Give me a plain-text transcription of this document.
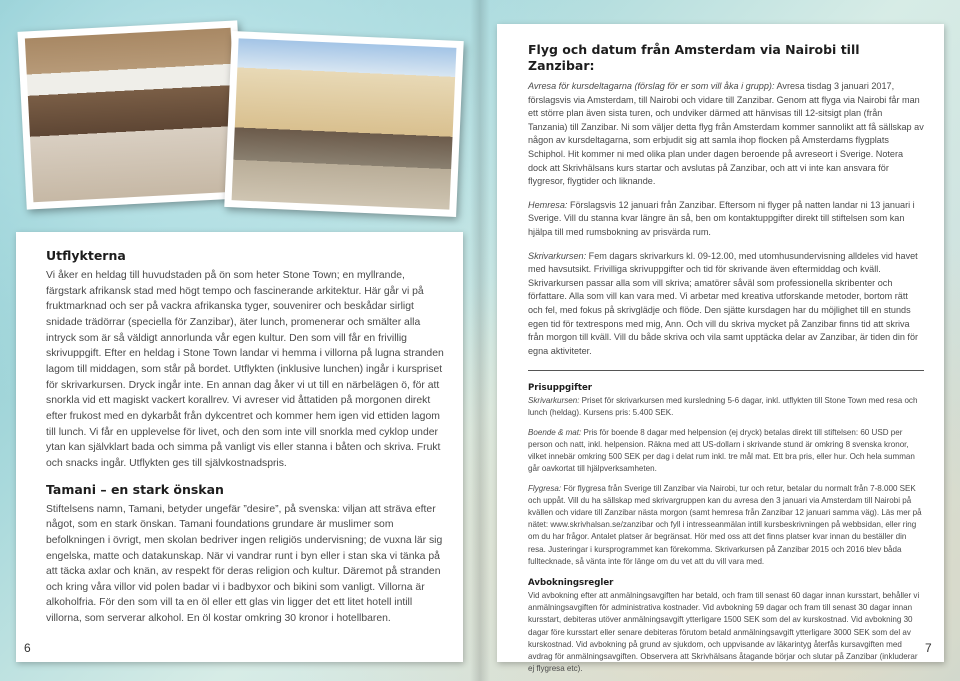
Utflykterna

Vi åker en heldag till huvudstaden på ön som heter Stone Town; en myllrande, färgstark afrikansk stad med högt tempo och fascinerande arkitektur. Här går vi på fruktmarknad och ser på vackra afrikanska tyger, souvenirer och beskådar sirligt snidade trädörrar (speciella för Zanzibar), äter lunch, promenerar och smälter alla intryck som är så väldigt annorlunda vår egen kultur. Den som vill får en frivillig skrivuppgift. Efter en heldag i Stone Town landar vi hemma i villorna på lugna stranden lagom till middagen, som står på bordet. Utflykten (inklusive lunchen) ingår i kurspriset för skrivarkursen. Dryck ingår inte. En annan dag åker vi ut till en närbelägen ö, för att snorkla vid ett magiskt vackert korallrev. Vi avreser vid åttatiden på morgonen direkt efter frukost med en dykarbåt från dykcentret och kommer hem igen vid ettiden lagom till lunch. Vi får en upplevelse för livet, och den som inte vill snorkla med cyklop under ytan kan självklart bada och simma på vanligt vis eller stanna i båten och skriva. Frukt och snacks ingår. Utflykten ges till självkostnadspris.

Tamani – en stark önskan

Stiftelsens namn, Tamani, betyder ungefär ”desire”, på svenska: viljan att sträva efter något, som en stark önskan. Tamani foundations grundare är muslimer som befolkningen i övrigt, men skolan bedriver ingen religiös undervisning; de vuxna lär sig engelska, matte och datakunskap. När vi vandrar runt i byn eller i stan ska vi tänka på att täcka axlar och knän, av respekt för deras religion och kultur. Däremot på stranden och kring våra villor vid polen badar vi i badbyxor och bikini som vanligt. Villorna är alkoholfria. För den som vill ta en öl eller ett glas vin ligger det ett litet hotell intill villorna, som serverar alkohol. En öl kostar omkring 30 kronor i hotellbaren.

6
Flyg och datum från Amsterdam via Nairobi till Zanzibar:

Avresa för kursdeltagarna (förslag för er som vill åka i grupp): Avresa tisdag 3 januari 2017, förslagsvis via Amsterdam, till Nairobi och vidare till Zanzibar. Genom att flyga via Nairobi får man ett större plan även sista turen, och undviker därmed att hänvisas till 12-sitsigt plan (från Tanzania) till Zanzibar. Ni som väljer detta flyg från Amsterdam kommer sannolikt att få sällskap av någon av kursdeltagarna, som erbjudit sig att samla ihop flocken på Amsterdams flygplats Schiphol. Hit kommer ni med olika plan under dagen beroende på avreseort i Sverige. Notera dock att Skrivhälsans kurs startar och avslutas på Zanzibar, och att vi inte kan ansvara för flygresor, flygtider och liknande.

Hemresa: Förslagsvis 12 januari från Zanzibar. Eftersom ni flyger på natten landar ni 13 januari i Sverige. Vill du stanna kvar längre än så, ben om kontaktuppgifter direkt till stiftelsen som kan hjälpa till med rumsbokning av prisvärda rum.

Skrivarkursen: Fem dagars skrivarkurs kl. 09-12.00, med utomhusundervisning alldeles vid havet med havsutsikt. Frivilliga skrivuppgifter och tid för skrivande även eftermiddag och kväll. Skrivarkursen passar alla som vill skriva; amatörer såväl som professionella skribenter och författare. Alla som vill kan vara med. Vi arbetar med kreativa utforskande metoder, bortom rätt och fel, med fokus på skrivglädje och flöde. Den sjätte kursdagen har du möjlighet till en stunds egen tid för textrespons med mig, Ann. Och vill du skriva mycket på Zanzibar finns tid att skriva från morgon till kväll. Vill du både skriva och vila samt upptäcka delar av Zanzibar, är tiden din för egna aktiviteter.

Prisuppgifter

Skrivarkursen: Priset för skrivarkursen med kursledning 5-6 dagar, inkl. utflykten till Stone Town med resa och lunch (heldag). Kursens pris: 5.400 SEK.

Boende & mat: Pris för boende 8 dagar med helpension (ej dryck) betalas direkt till stiftelsen: 60 USD per person och natt, inkl. helpension. Räkna med att US-dollarn i skrivande stund är omkring 8 svenska kronor, vilket innebär omkring 500 SEK per dag i delat rum inkl. tre mål mat. Ett bra pris, eller hur. Och hela summan går oavkortat till hjälpverksamheten.

Flygresa: För flygresa från Sverige till Zanzibar via Nairobi, tur och retur, betalar du normalt från 7-8.000 SEK och uppåt. Vill du ha sällskap med skrivargruppen kan du avresa den 3 januari via Amsterdam till Nairobi på kvällen och vidare till Zanzibar nästa morgon (samt hemresa från Zanzibar 12 januari samma väg). Läs mer på nätet: www.skrivhalsan.se/zanzibar och fyll i intresseanmälan intill kursbeskrivningen på webbsidan, eller ring om du har frågor. Antalet platser är begränsat. Hör med oss att det finns platser kvar innan du beställer din resa. Justeringar i kursprogrammet kan förekomma. Skrivarkursen på Zanzibar 2015 och 2016 blev båda fulltecknade, så vänta inte för länge om du vet att du vill vara med.

Avbokningsregler

Vid avbokning efter att anmälningsavgiften har betald, och fram till senast 60 dagar innan kursstart, behåller vi anmälningsavgiften för administrativa kostnader. Vid avbokning 59 dagar och fram till senast 30 dagar innan kursstart, debiteras utöver anmälningsavgift ytterligare 1500 SEK som del av kurskostnad. Vid avbokning 30 dagar före kursstart eller senare debiteras förutom betald anmälningsavgift ytterligare 3000 SEK som del av kurskostnad. Vid avbokning på grund av sjukdom, och uppvisande av läkarintyg återfås kursavgiften med avdrag för anmälningsavgiften. Observera att Skrivhälsans åtagande börjar och slutar på Zanzibar (inkluderar ej flygresa etc).

7
